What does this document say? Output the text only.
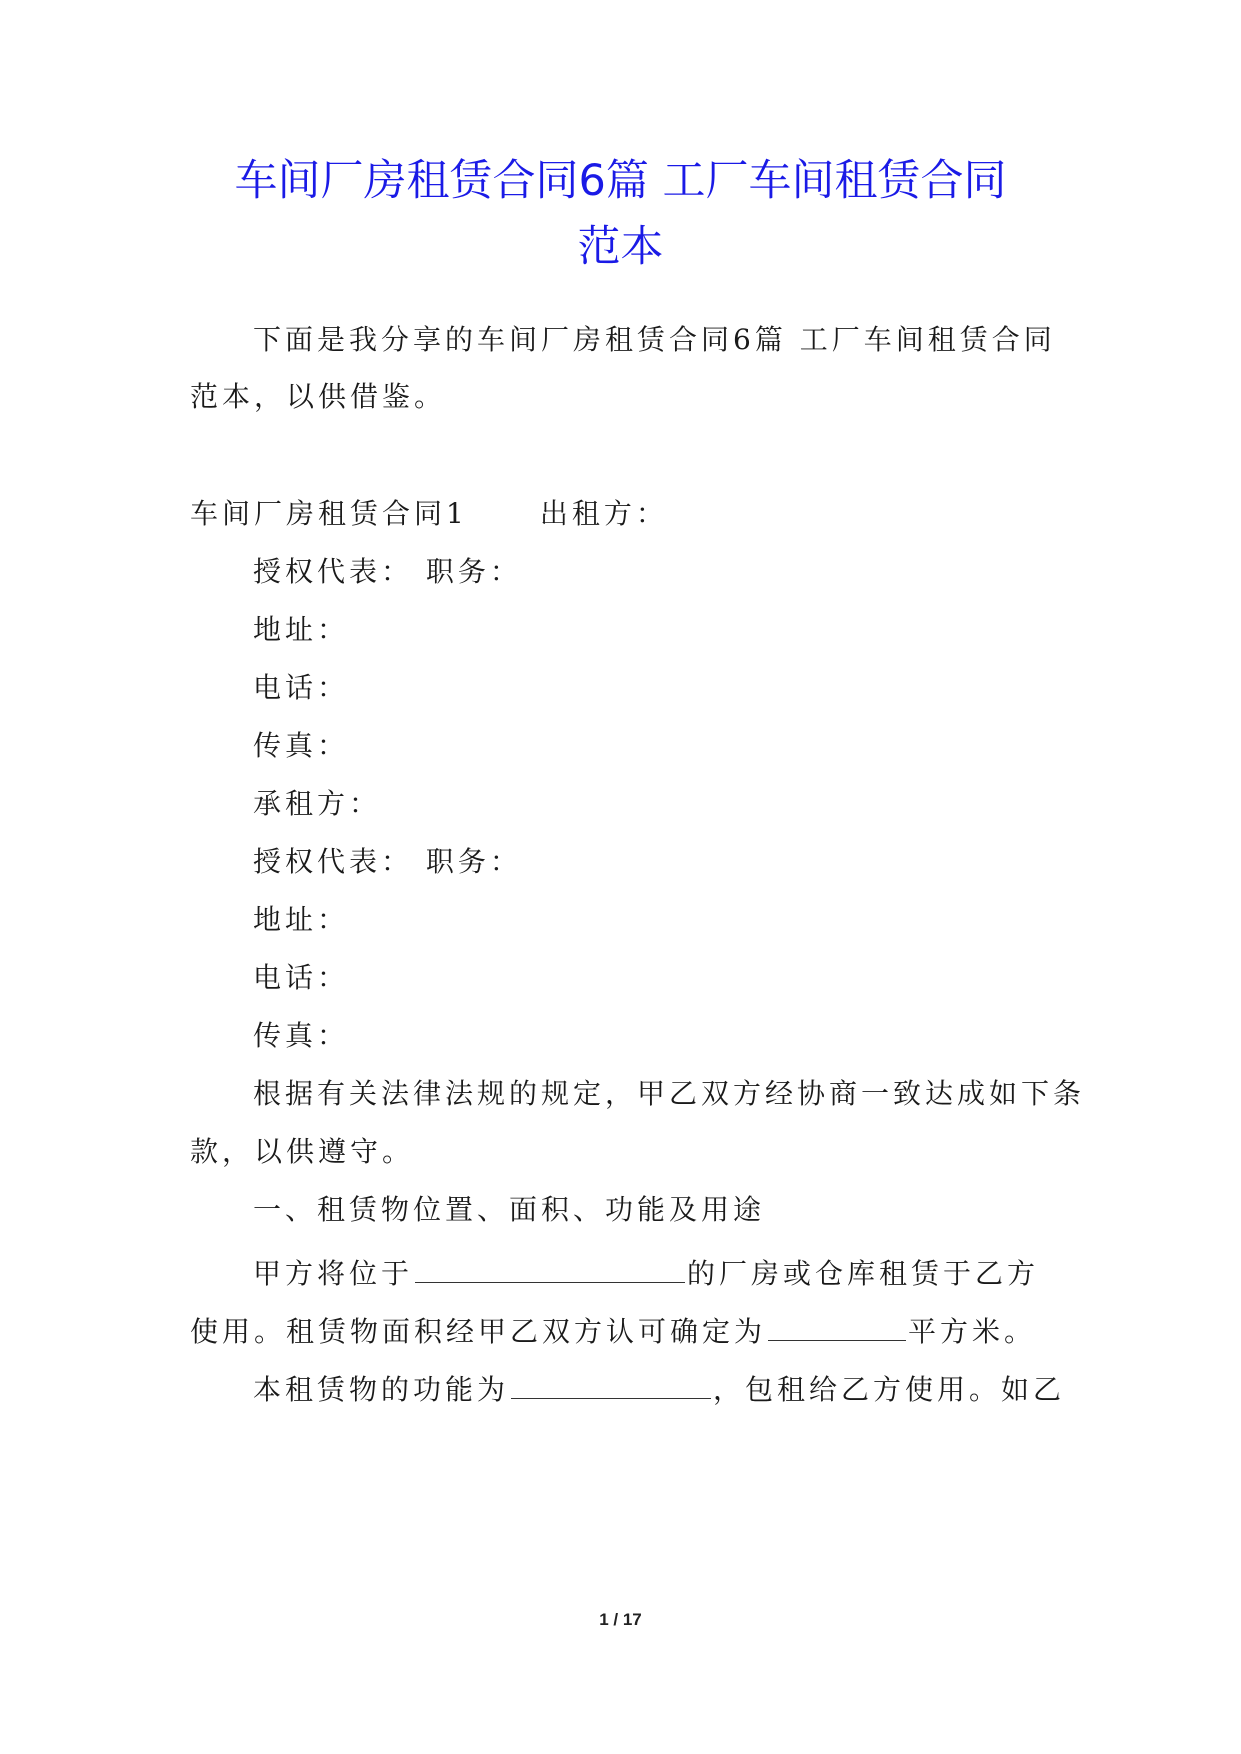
车间厂房租赁合同6篇 工厂车间租赁合同
范本
下面是我分享的车间厂房租赁合同6篇 工厂车间租赁合同
范本，以供借鉴。
车间厂房租赁合同1	出租方：
授权代表： 职务：
地址：
电话：
传真：
承租方：
授权代表： 职务：
地址：
电话：
传真：
根据有关法律法规的规定，甲乙双方经协商一致达成如下条
款，以供遵守。
一、租赁物位置、面积、功能及用途
甲方将位于	的厂房或仓库租赁于乙方
使用。租赁物面积经甲乙双方认可确定为	平方米。
本租赁物的功能为	，包租给乙方使用。如乙
1 / 17
